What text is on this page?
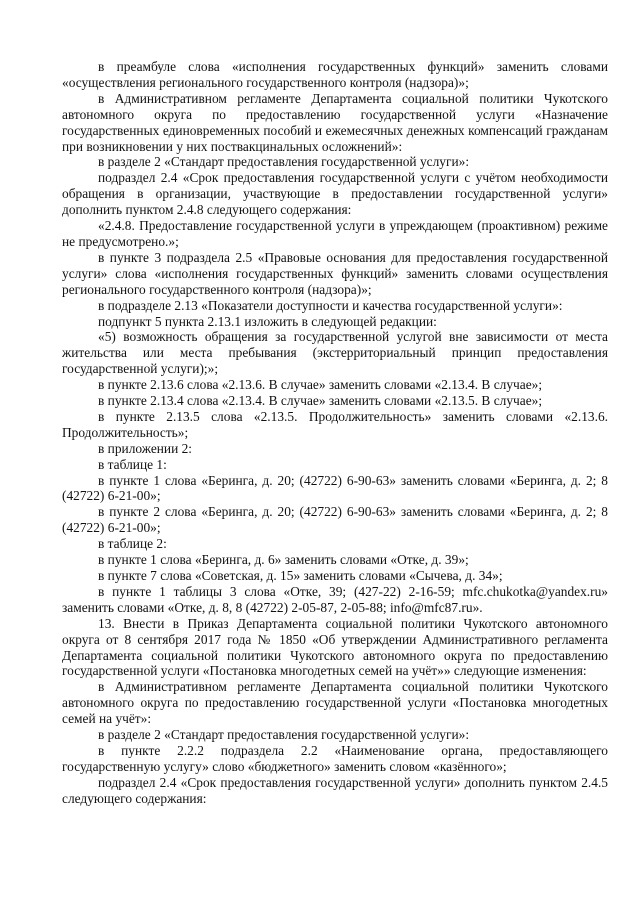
в преамбуле слова «исполнения государственных функций» заменить словами «осуществления регионального государственного контроля (надзора)»;

в Административном регламенте Департамента социальной политики Чукотского автономного округа по предоставлению государственной услуги «Назначение государственных единовременных пособий и ежемесячных денежных компенсаций гражданам при возникновении у них поствакцинальных осложнений»:

в разделе 2 «Стандарт предоставления государственной услуги»:

подраздел 2.4 «Срок предоставления государственной услуги с учётом необходимости обращения в организации, участвующие в предоставлении государственной услуги» дополнить пунктом 2.4.8 следующего содержания:

«2.4.8. Предоставление государственной услуги в упреждающем (проактивном) режиме не предусмотрено.»;

в пункте 3 подраздела 2.5 «Правовые основания для предоставления государственной услуги» слова «исполнения государственных функций» заменить словами осуществления регионального государственного контроля (надзора)»;

в подразделе 2.13 «Показатели доступности и качества государственной услуги»:

подпункт 5 пункта 2.13.1 изложить в следующей редакции:

«5) возможность обращения за государственной услугой вне зависимости от места жительства или места пребывания (экстерриториальный принцип предоставления государственной услуги);»;

в пункте 2.13.6 слова «2.13.6. В случае» заменить словами «2.13.4. В случае»;

в пункте 2.13.4 слова «2.13.4. В случае» заменить словами «2.13.5. В случае»;

в пункте 2.13.5 слова «2.13.5. Продолжительность» заменить словами «2.13.6. Продолжительность»;

в приложении 2:

в таблице 1:

в пункте 1 слова «Беринга, д. 20; (42722) 6-90-63» заменить словами «Беринга, д. 2; 8 (42722) 6-21-00»;

в пункте 2 слова «Беринга, д. 20; (42722) 6-90-63» заменить словами «Беринга, д. 2; 8 (42722) 6-21-00»;

в таблице 2:

в пункте 1 слова «Беринга, д. 6» заменить словами «Отке, д. 39»;

в пункте 7 слова «Советская, д. 15» заменить словами «Сычева, д. 34»;

в пункте 1 таблицы 3 слова «Отке, 39; (427-22) 2-16-59; mfc.chukotka@yandex.ru» заменить словами «Отке, д. 8, 8 (42722) 2-05-87, 2-05-88; info@mfc87.ru».

13. Внести в Приказ Департамента социальной политики Чукотского автономного округа от 8 сентября 2017 года № 1850 «Об утверждении Административного регламента Департамента социальной политики Чукотского автономного округа по предоставлению государственной услуги «Постановка многодетных семей на учёт»» следующие изменения:

в Административном регламенте Департамента социальной политики Чукотского автономного округа по предоставлению государственной услуги «Постановка многодетных семей на учёт»:

в разделе 2 «Стандарт предоставления государственной услуги»:

в пункте 2.2.2 подраздела 2.2 «Наименование органа, предоставляющего государственную услугу» слово «бюджетного» заменить словом «казённого»;

подраздел 2.4 «Срок предоставления государственной услуги» дополнить пунктом 2.4.5 следующего содержания:
